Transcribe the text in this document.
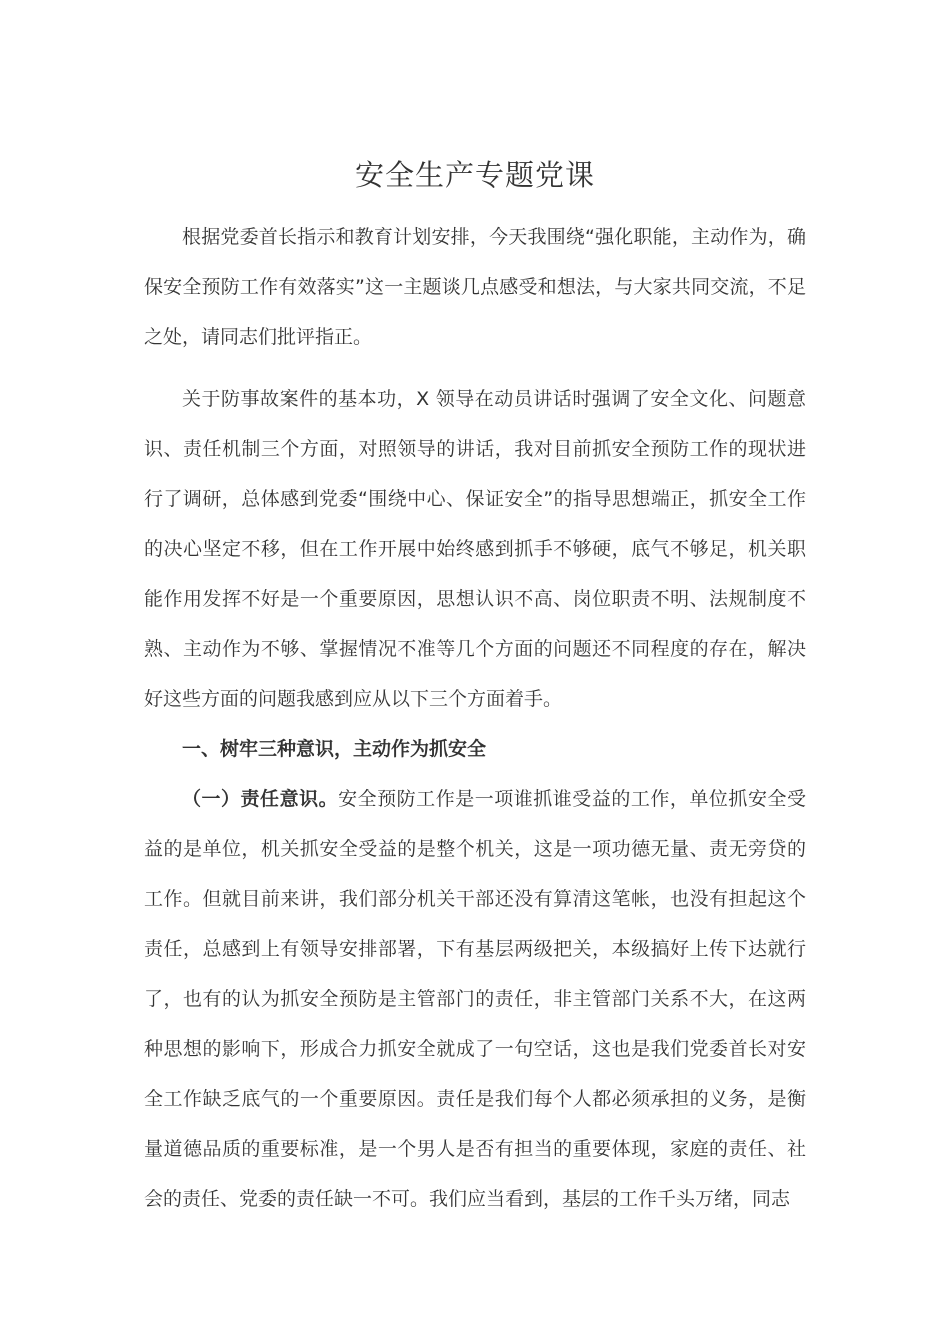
安全生产专题党课

根据党委首长指示和教育计划安排，今天我围绕“强化职能，主动作为，确保安全预防工作有效落实”这一主题谈几点感受和想法，与大家共同交流，不足之处，请同志们批评指正。

关于防事故案件的基本功，X 领导在动员讲话时强调了安全文化、问题意识、责任机制三个方面，对照领导的讲话，我对目前抓安全预防工作的现状进行了调研，总体感到党委“围绕中心、保证安全”的指导思想端正，抓安全工作的决心坚定不移，但在工作开展中始终感到抓手不够硬，底气不够足，机关职能作用发挥不好是一个重要原因，思想认识不高、岗位职责不明、法规制度不熟、主动作为不够、掌握情况不准等几个方面的问题还不同程度的存在，解决好这些方面的问题我感到应从以下三个方面着手。

一、树牢三种意识，主动作为抓安全

（一）责任意识。安全预防工作是一项谁抓谁受益的工作，单位抓安全受益的是单位，机关抓安全受益的是整个机关，这是一项功德无量、责无旁贷的工作。但就目前来讲，我们部分机关干部还没有算清这笔帐，也没有担起这个责任，总感到上有领导安排部署，下有基层两级把关，本级搞好上传下达就行了，也有的认为抓安全预防是主管部门的责任，非主管部门关系不大，在这两种思想的影响下，形成合力抓安全就成了一句空话，这也是我们党委首长对安全工作缺乏底气的一个重要原因。责任是我们每个人都必须承担的义务，是衡量道德品质的重要标准，是一个男人是否有担当的重要体现，家庭的责任、社会的责任、党委的责任缺一不可。我们应当看到，基层的工作千头万绪，同志
